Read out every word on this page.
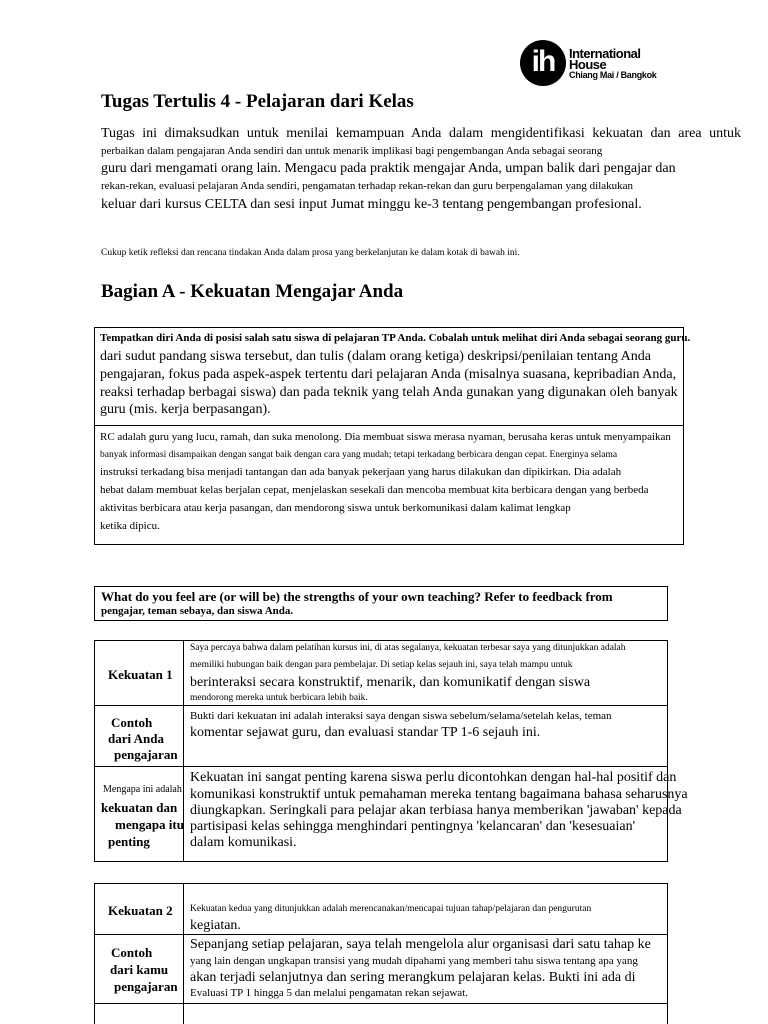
ih	International
House
Chiang Mai / Bangkok
Tugas Tertulis 4 - Pelajaran dari Kelas
Tugas ini dimaksudkan untuk menilai kemampuan Anda dalam mengidentifikasi kekuatan dan area untuk
perbaikan dalam pengajaran Anda sendiri dan untuk menarik implikasi bagi pengembangan Anda sebagai seorang
guru dari mengamati orang lain. Mengacu pada praktik mengajar Anda, umpan balik dari pengajar dan
rekan-rekan, evaluasi pelajaran Anda sendiri, pengamatan terhadap rekan-rekan dan guru berpengalaman yang dilakukan
keluar dari kursus CELTA dan sesi input Jumat minggu ke-3 tentang pengembangan profesional.
Cukup ketik refleksi dan rencana tindakan Anda dalam prosa yang berkelanjutan ke dalam kotak di bawah ini.
Bagian A - Kekuatan Mengajar Anda
Tempatkan diri Anda di posisi salah satu siswa di pelajaran TP Anda. Cobalah untuk melihat diri Anda sebagai seorang guru.
dari sudut pandang siswa tersebut, dan tulis (dalam orang ketiga) deskripsi/penilaian tentang Anda
pengajaran, fokus pada aspek-aspek tertentu dari pelajaran Anda (misalnya suasana, kepribadian Anda,
reaksi terhadap berbagai siswa) dan pada teknik yang telah Anda gunakan yang digunakan oleh banyak
guru (mis. kerja berpasangan).
RC adalah guru yang lucu, ramah, dan suka menolong. Dia membuat siswa merasa nyaman, berusaha keras untuk menyampaikan
banyak informasi disampaikan dengan sangat baik dengan cara yang mudah; tetapi terkadang berbicara dengan cepat. Energinya selama
instruksi terkadang bisa menjadi tantangan dan ada banyak pekerjaan yang harus dilakukan dan dipikirkan. Dia adalah
hebat dalam membuat kelas berjalan cepat, menjelaskan sesekali dan mencoba membuat kita berbicara dengan yang berbeda
aktivitas berbicara atau kerja pasangan, dan mendorong siswa untuk berkomunikasi dalam kalimat lengkap
ketika dipicu.
What do you feel are (or will be) the strengths of your own teaching? Refer to feedback from
pengajar, teman sebaya, dan siswa Anda.
Kekuatan 1
Saya percaya bahwa dalam pelatihan kursus ini, di atas segalanya, kekuatan terbesar saya yang ditunjukkan adalah
memiliki hubungan baik dengan para pembelajar. Di setiap kelas sejauh ini, saya telah mampu untuk
berinteraksi secara konstruktif, menarik, dan komunikatif dengan siswa
mendorong mereka untuk berbicara lebih baik.
Contoh
dari Anda
pengajaran
Bukti dari kekuatan ini adalah interaksi saya dengan siswa sebelum/selama/setelah kelas, teman
komentar sejawat guru, dan evaluasi standar TP 1-6 sejauh ini.
Mengapa ini adalah
kekuatan dan
mengapa itu
penting
Kekuatan ini sangat penting karena siswa perlu dicontohkan dengan hal-hal positif dan
komunikasi konstruktif untuk pemahaman mereka tentang bagaimana bahasa seharusnya
diungkapkan. Seringkali para pelajar akan terbiasa hanya memberikan 'jawaban' kepada
partisipasi kelas sehingga menghindari pentingnya 'kelancaran' dan 'kesesuaian'
dalam komunikasi.
Kekuatan 2 Kekuatan kedua yang ditunjukkan adalah merencanakan/mencapai tujuan tahap/pelajaran dan pengurutan
kegiatan.
Contoh
dari kamu
pengajaran
Sepanjang setiap pelajaran, saya telah mengelola alur organisasi dari satu tahap ke
yang lain dengan ungkapan transisi yang mudah dipahami yang memberi tahu siswa tentang apa yang
akan terjadi selanjutnya dan sering merangkum pelajaran kelas. Bukti ini ada di
Evaluasi TP 1 hingga 5 dan melalui pengamatan rekan sejawat.
